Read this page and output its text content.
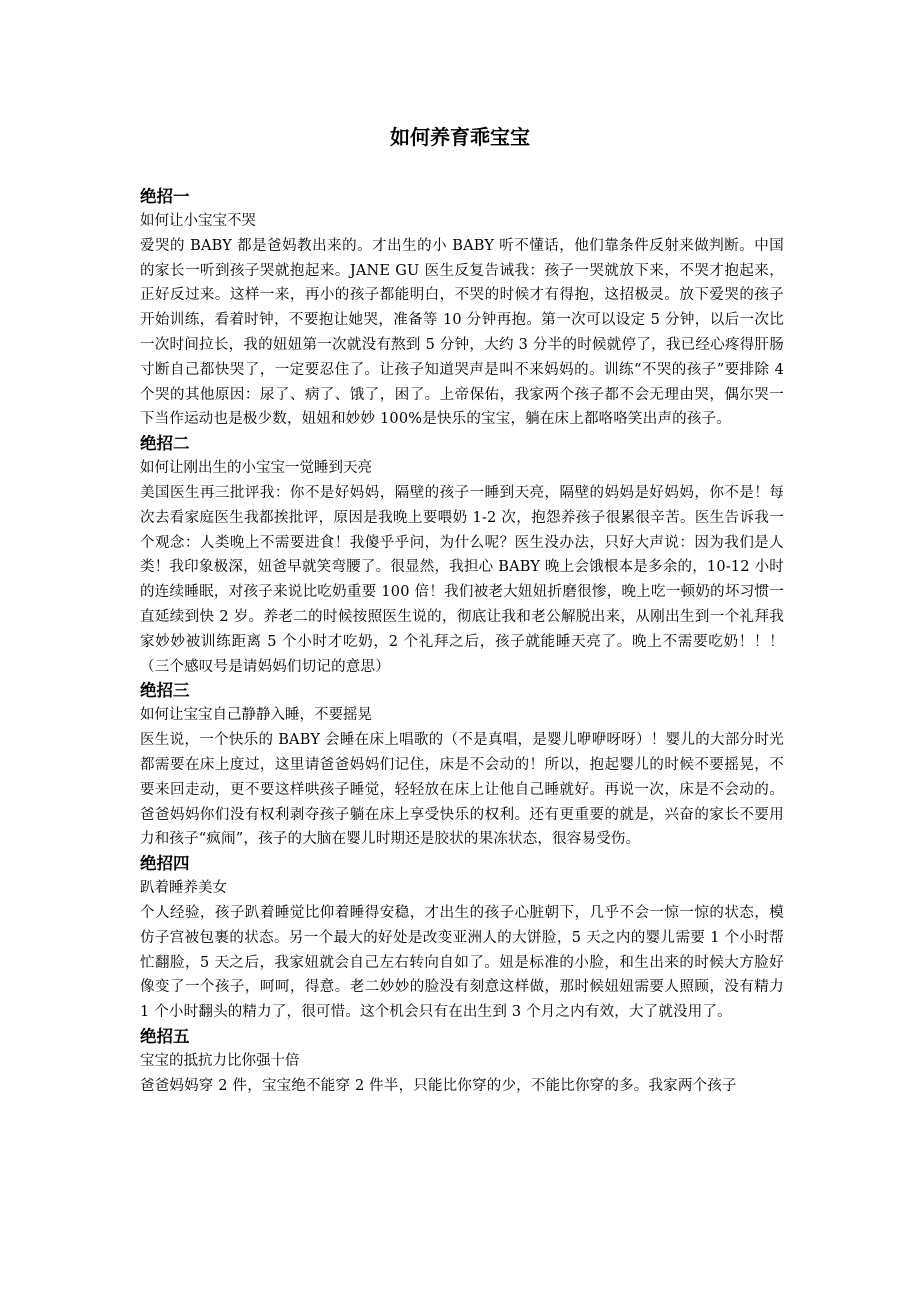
如何养育乖宝宝

绝招一

如何让小宝宝不哭

爱哭的 BABY 都是爸妈教出来的。才出生的小 BABY 听不懂话，他们靠条件反射来做判断。中国的家长一听到孩子哭就抱起来。JANE GU 医生反复告诫我：孩子一哭就放下来，不哭才抱起来，正好反过来。这样一来，再小的孩子都能明白，不哭的时候才有得抱，这招极灵。放下爱哭的孩子开始训练，看着时钟，不要抱让她哭，准备等 10 分钟再抱。第一次可以设定 5 分钟，以后一次比一次时间拉长，我的妞妞第一次就没有熬到 5 分钟，大约 3 分半的时候就停了，我已经心疼得肝肠寸断自己都快哭了，一定要忍住了。让孩子知道哭声是叫不来妈妈的。训练“不哭的孩子”要排除 4 个哭的其他原因：尿了、病了、饿了，困了。上帝保佑，我家两个孩子都不会无理由哭，偶尔哭一下当作运动也是极少数，妞妞和妙妙 100%是快乐的宝宝，躺在床上都咯咯笑出声的孩子。

绝招二

如何让刚出生的小宝宝一觉睡到天亮

美国医生再三批评我：你不是好妈妈，隔壁的孩子一睡到天亮，隔壁的妈妈是好妈妈，你不是！每次去看家庭医生我都挨批评，原因是我晚上要喂奶 1-2 次，抱怨养孩子很累很辛苦。医生告诉我一个观念：人类晚上不需要进食！我傻乎乎问，为什么呢？医生没办法，只好大声说：因为我们是人类！我印象极深，妞爸早就笑弯腰了。很显然，我担心 BABY 晚上会饿根本是多余的，10-12 小时的连续睡眠，对孩子来说比吃奶重要 100 倍！我们被老大妞妞折磨很惨，晚上吃一顿奶的坏习惯一直延续到快 2 岁。养老二的时候按照医生说的，彻底让我和老公解脱出来，从刚出生到一个礼拜我家妙妙被训练距离 5 个小时才吃奶，2 个礼拜之后，孩子就能睡天亮了。晚上不需要吃奶！！！（三个感叹号是请妈妈们切记的意思）

绝招三

如何让宝宝自己静静入睡，不要摇晃

医生说，一个快乐的 BABY 会睡在床上唱歌的（不是真唱，是婴儿咿咿呀呀）！婴儿的大部分时光都需要在床上度过，这里请爸爸妈妈们记住，床是不会动的！所以，抱起婴儿的时候不要摇晃，不要来回走动，更不要这样哄孩子睡觉，轻轻放在床上让他自己睡就好。再说一次，床是不会动的。爸爸妈妈你们没有权利剥夺孩子躺在床上享受快乐的权利。还有更重要的就是，兴奋的家长不要用力和孩子“疯闹”，孩子的大脑在婴儿时期还是胶状的果冻状态，很容易受伤。

绝招四

趴着睡养美女

个人经验，孩子趴着睡觉比仰着睡得安稳，才出生的孩子心脏朝下，几乎不会一惊一惊的状态，模仿子宫被包裹的状态。另一个最大的好处是改变亚洲人的大饼脸，5 天之内的婴儿需要 1 个小时帮忙翻脸，5 天之后，我家妞就会自己左右转向自如了。妞是标准的小脸，和生出来的时候大方脸好像变了一个孩子，呵呵，得意。老二妙妙的脸没有刻意这样做，那时候妞妞需要人照顾，没有精力 1 个小时翻头的精力了，很可惜。这个机会只有在出生到 3 个月之内有效，大了就没用了。

绝招五

宝宝的抵抗力比你强十倍

爸爸妈妈穿 2 件，宝宝绝不能穿 2 件半，只能比你穿的少，不能比你穿的多。我家两个孩子
